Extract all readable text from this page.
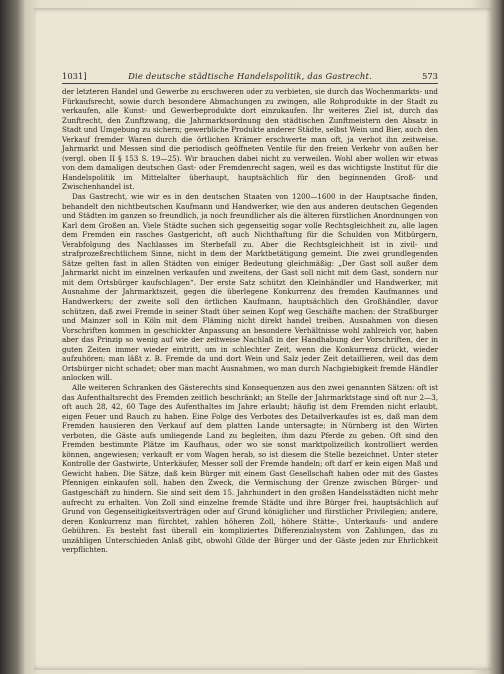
1031]	Die deutsche städtische Handelspolitik, das Gastrecht.	573

der letzteren Handel und Gewerbe zu erschweren oder zu verbieten, sie durch das Wochenmarkts- und Fürkaufsrecht, sowie durch besondere Abmachungen zu zwingen, alle Rohprodukte in der Stadt zu verkaufen, alle Kunst- und Gewerbeprodukte dort einzukaufen. Ihr weiteres Ziel ist, durch das Zunftrecht, den Zunftzwang, die Jahrmarktsordnung den städtischen Zunftmeistern den Absatz in Stadt und Umgebung zu sichern; gewerbliche Produkte anderer Städte, selbst Wein und Bier, auch den Verkauf fremder Waren durch die örtlichen Krämer erschwerte man oft, ja verbot ihn zeitweise. Jahrmarkt und Messen sind die periodisch geöffneten Ventile für den freien Verkehr von außen her (vergl. oben II § 153 S. 19—25). Wir brauchen dabei nicht zu verweilen. Wohl aber wollen wir etwas von dem damaligen deutschen Gast- oder Fremdenrecht sagen, weil es das wichtigste Institut für die Handelspolitik im Mittelalter überhaupt, hauptsächlich für den beginnenden Groß- und Zwischenhandel ist.

Das Gastrecht, wie wir es in den deutschen Staaten von 1200—1600 in der Hauptsache finden, behandelt den nichtbeutschen Kaufmann und Handwerker, wie den aus anderen deutschen Gegenden und Städten im ganzen so freundlich, ja noch freundlicher als die älteren fürstlichen Anordnungen von Karl dem Großen an. Viele Städte suchen sich gegenseitig sogar volle Rechtsgleichheit zu, alle lagen dem Fremden ein rasches Gastgericht, oft auch Nichthaftung für die Schulden von Mitbürgern, Verabfolgung des Nachlasses im Sterbefall zu. Aber die Rechtsgleichheit ist in zivil- und strafprozeßrechtlichem Sinne, nicht in dem der Marktbetätigung gemeint. Die zwei grundlegenden Sätze gelten fast in allen Städten von einiger Bedeutung gleichmäßig: „Der Gast soll außer dem Jahrmarkt nicht im einzelnen verkaufen und zweitens, der Gast soll nicht mit dem Gast, sondern nur mit dem Ortsbürger kaufschlagen“. Der erste Satz schützt den Kleinhändler und Handwerker, mit Ausnahme der Jahrmarktszeit, gegen die überlegene Konkurrenz des fremden Kaufmannes und Handwerkers; der zweite soll den örtlichen Kaufmann, hauptsächlich den Großhändler, davor schützen, daß zwei Fremde in seiner Stadt über seinen Kopf weg Geschäfte machen: der Straßburger und Mainzer soll in Köln mit dem Fläming nicht direkt handel treiben. Ausnahmen von diesen Vorschriften kommen in geschickter Anpassung an besondere Verhältnisse wohl zahlreich vor, haben aber das Prinzip so wenig auf wie der zeitweise Nachlaß in der Handhabung der Vorschriften, der in guten Zeiten immer wieder eintritt, um in schlechter Zeit, wenn die Konkurrenz drückt, wieder aufzuhören; man läßt z. B. Fremde da und dort Wein und Salz jeder Zeit detaillieren, weil das dem Ortsbürger nicht schadet; ober man macht Ausnahmen, wo man durch Nachgiebigkeit fremde Händler anlocken will.

Alle weiteren Schranken des Gästerechts sind Konsequenzen aus den zwei genannten Sätzen: oft ist das Aufenthaltsrecht des Fremden zeitlich beschränkt; an Stelle der Jahrmarktstage sind oft nur 2—3, oft auch 28, 42, 60 Tage des Aufenthaltes im Jahre erlaubt; häufig ist dem Fremden nicht erlaubt, eigen Feuer und Rauch zu haben. Eine Folge des Verbotes des Detailverkaufes ist es, daß man dem Fremden hausieren den Verkauf auf dem platten Lande untersagte; in Nürnberg ist den Wirten verboten, die Gäste aufs umliegende Land zu begleiten, ihm dazu Pferde zu geben. Oft sind den Fremden bestimmte Plätze im Kaufhaus, oder wo sie sonst marktpolizeilich kontrolliert werden können, angewiesen; verkauft er vom Wagen herab, so ist diesem die Stelle bezeichnet. Unter steter Kontrolle der Gastwirte, Unterkäufer, Messer soll der Fremde handeln; oft darf er kein eigen Maß und Gewicht haben. Die Sätze, daß kein Bürger mit einem Gast Gesellschaft haben oder mit des Gastes Pfennigen einkaufen soll, haben den Zweck, die Vermischung der Grenze zwischen Bürger- und Gastgeschäft zu hindern. Sie sind seit dem 15. Jahrhundert in den großen Handelsstädten nicht mehr aufrecht zu erhalten. Von Zoll sind einzelne fremde Städte und ihre Bürger frei, hauptsächlich auf Grund von Gegenseitigkeitsverträgen oder auf Grund königlicher und fürstlicher Privilegien; andere, deren Konkurrenz man fürchtet, zahlen höheren Zoll, höhere Stätte-, Unterkaufs- und andere Gebühren. Es besteht fast überall ein kompliziertes Differenzialsystem von Zahlungen, das zu unzähligen Unterschieden Anlaß gibt, obwohl Gilde der Bürger und der Gäste jeden zur Ehrlichkeit verpflichten.
